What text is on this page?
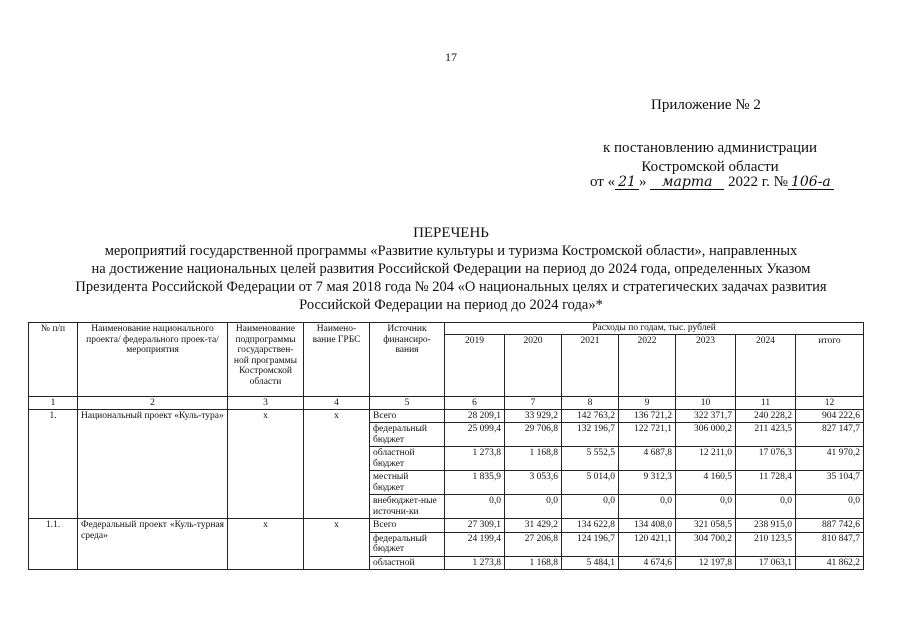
17
Приложение № 2
к постановлению администрации
Костромской области
от « 21 » марта 2022 г. № 106-а
ПЕРЕЧЕНЬ
мероприятий государственной программы «Развитие культуры и туризма Костромской области», направленных
на достижение национальных целей развития Российской Федерации на период до 2024 года, определенных Указом
Президента Российской Федерации от 7 мая 2018 года № 204 «О национальных целях и стратегических задачах развития
Российской Федерации на период до 2024 года»*
№ п/п	Наименование национального проекта/ федерального проек-та/ мероприятия	Наименование подпрограммы государствен-ной программы Костромской области	Наимено-вание ГРБС	Источник финансиро-вания	Расходы по годам, тыс. рублей						
					2019	2020	2021	2022	2023	2024	итого
1	2	3	4	5	6	7	8	9	10	11	12
1.	Национальный проект «Куль-тура»	х	х	Всего	28 209,1	33 929,2	142 763,2	136 721,2	322 371,7	240 228,2	904 222,6
				федеральный бюджет	25 099,4	29 706,8	132 196,7	122 721,1	306 000,2	211 423,5	827 147,7
				областной бюджет	1 273,8	1 168,8	5 552,5	4 687,8	12 211,0	17 076,3	41 970,2
				местный бюджет	1 835,9	3 053,6	5 014,0	9 312,3	4 160,5	11 728,4	35 104,7
				внебюджет-ные источни-ки	0,0	0,0	0,0	0,0	0,0	0,0	0,0
1.1.	Федеральный проект «Куль-турная среда»	х	х	Всего	27 309,1	31 429,2	134 622,8	134 408,0	321 058,5	238 915,0	887 742,6
				федеральный бюджет	24 199,4	27 206,8	124 196,7	120 421,1	304 700,2	210 123,5	810 847,7
				областной	1 273,8	1 168,8	5 484,1	4 674,6	12 197,8	17 063,1	41 862,2
